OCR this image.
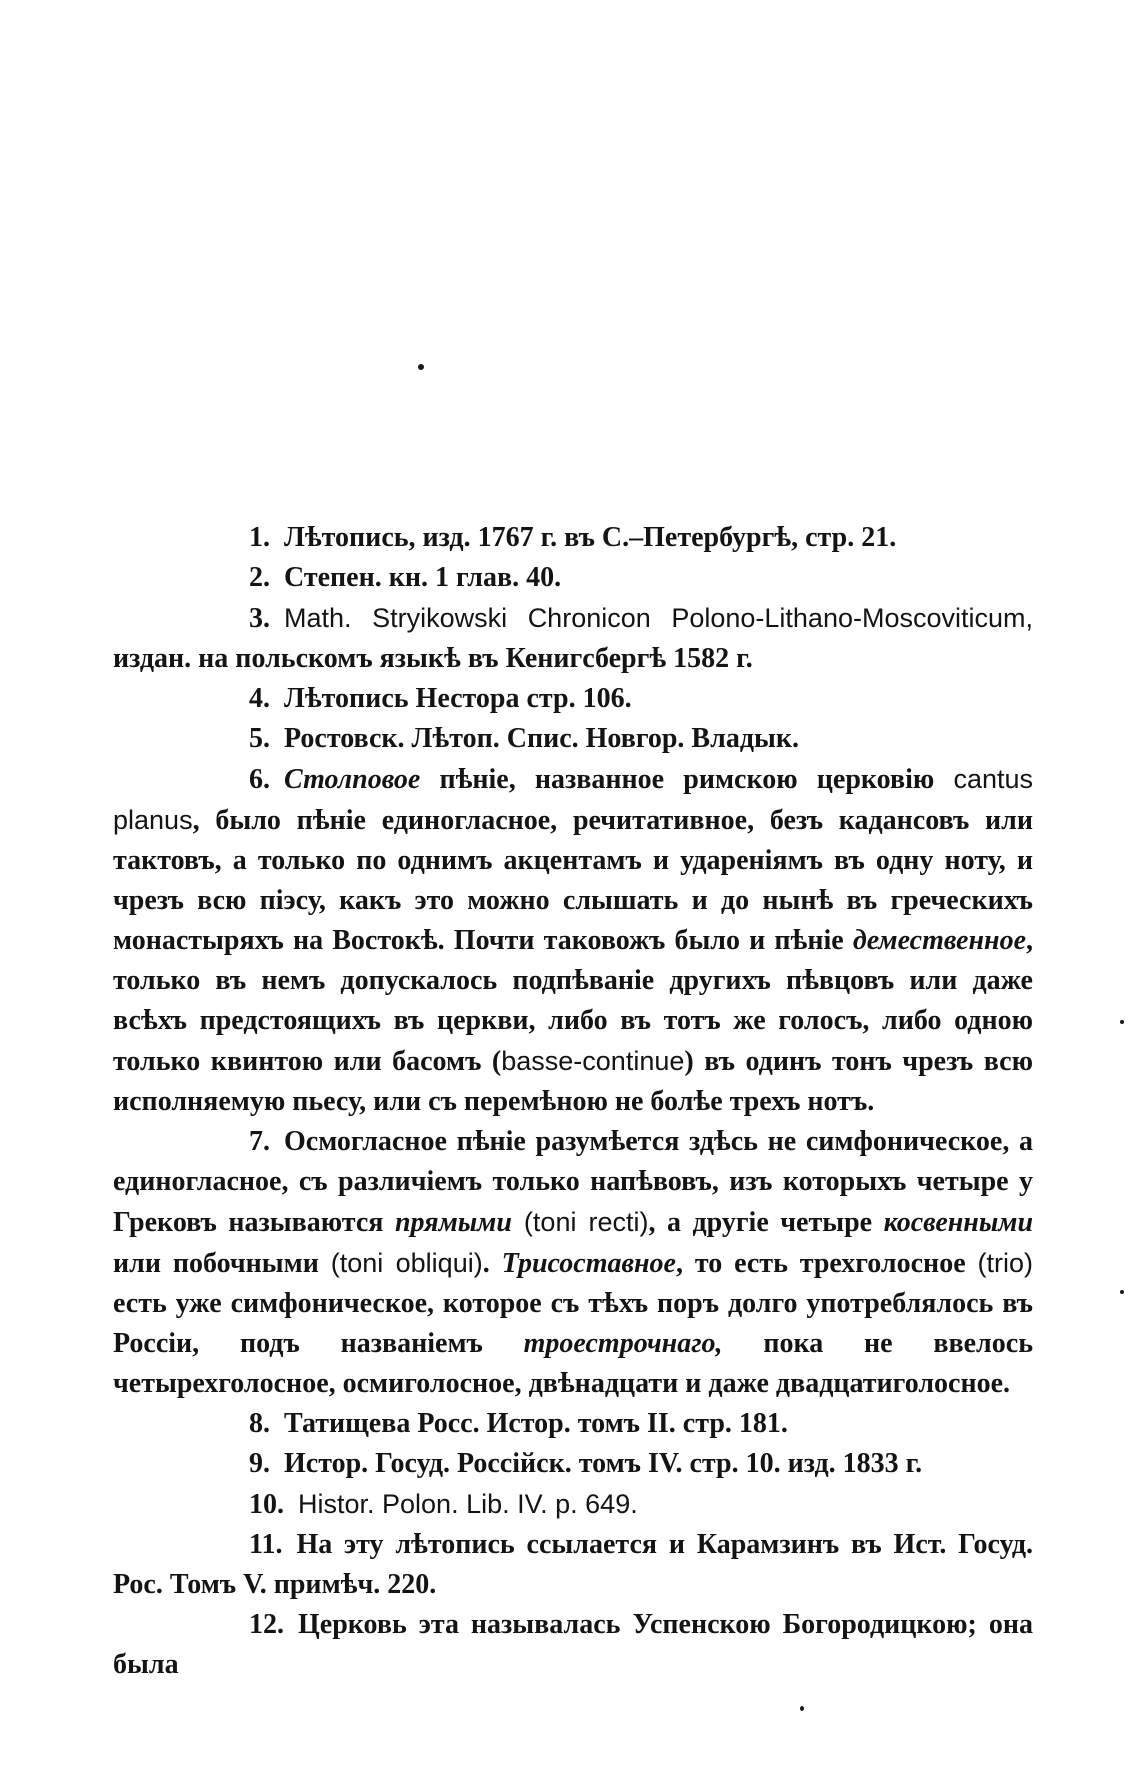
1. Лѣтопись, изд. 1767 г. въ С.–Петербургѣ, стр. 21.

2. Степен. кн. 1 глав. 40.

3. Math. Stryikowski Chronicon Polono-Lithano-Moscoviticum, издан. на польскомъ языкѣ въ Кенигсбергѣ 1582 г.

4. Лѣтопись Нестора стр. 106.

5. Ростовск. Лѣтоп. Спис. Новгор. Владык.

6. Столповое пѣніе, названное римскою церковію cantus planus, было пѣніе единогласное, речитативное, безъ кадансовъ или тактовъ, а только по однимъ акцентамъ и удареніямъ въ одну ноту, и чрезъ всю піэсу, какъ это можно слышать и до нынѣ въ греческихъ монастыряхъ на Востокѣ. Почти таковожъ было и пѣніе демественное, только въ немъ допускалось подпѣваніе другихъ пѣвцовъ или даже всѣхъ предстоящихъ въ церкви, либо въ тотъ же голосъ, либо одною только квинтою или басомъ (basse-continue) въ одинъ тонъ чрезъ всю исполняемую пьесу, или съ перемѣною не болѣе трехъ нотъ.

7. Осмогласное пѣніе разумѣется здѣсь не симфоническое, а единогласное, съ различіемъ только напѣвовъ, изъ которыхъ четыре у Грековъ называются прямыми (toni recti), а другіе четыре косвенными или побочными (toni obliqui). Трисоставное, то есть трехголосное (trio) есть уже симфоническое, которое съ тѣхъ поръ долго употреблялось въ Россіи, подъ названіемъ троестрочнаго, пока не ввелось четырехголосное, осмиголосное, двѣнадцати и даже двадцатиголосное.

8. Татищева Росс. Истор. томъ II. стр. 181.

9. Истор. Госуд. Россійск. томъ IV. стр. 10. изд. 1833 г.

10. Histor. Polon. Lib. IV. p. 649.

11. На эту лѣтопись ссылается и Карамзинъ въ Ист. Госуд. Рос. Томъ V. примѣч. 220.

12. Церковь эта называлась Успенскою Богородицкою; она была
